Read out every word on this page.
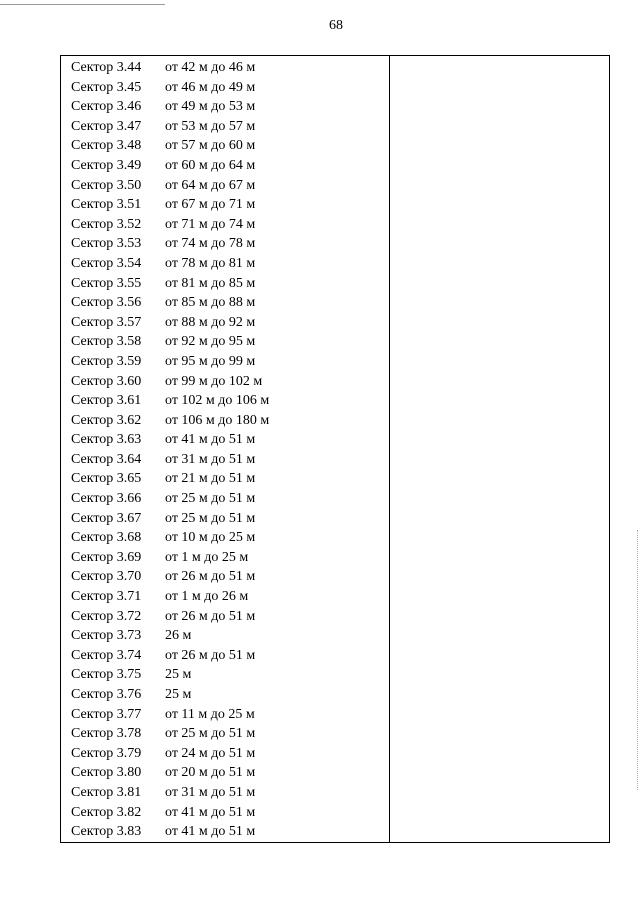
68
Сектор 3.44 от 42 м до 46 м
Сектор 3.45 от 46 м до 49 м
Сектор 3.46 от 49 м до 53 м
Сектор 3.47 от 53 м до 57 м
Сектор 3.48 от 57 м до 60 м
Сектор 3.49 от 60 м до 64 м
Сектор 3.50 от 64 м до 67 м
Сектор 3.51 от 67 м до 71 м
Сектор 3.52 от 71 м до 74 м
Сектор 3.53 от 74 м до 78 м
Сектор 3.54 от 78 м до 81 м
Сектор 3.55 от 81 м до 85 м
Сектор 3.56 от 85 м до 88 м
Сектор 3.57 от 88 м до 92 м
Сектор 3.58 от 92 м до 95 м
Сектор 3.59 от 95 м до 99 м
Сектор 3.60 от 99 м до 102 м
Сектор 3.61 от 102 м до 106 м
Сектор 3.62 от 106 м до 180 м
Сектор 3.63 от 41 м до 51 м
Сектор 3.64 от 31 м до 51 м
Сектор 3.65 от 21 м до 51 м
Сектор 3.66 от 25 м до 51 м
Сектор 3.67 от 25 м до 51 м
Сектор 3.68 от 10 м до 25 м
Сектор 3.69 от 1 м до 25 м
Сектор 3.70 от 26 м до 51 м
Сектор 3.71 от 1 м до 26 м
Сектор 3.72 от 26 м до 51 м
Сектор 3.73 26 м
Сектор 3.74 от 26 м до 51 м
Сектор 3.75 25 м
Сектор 3.76 25 м
Сектор 3.77 от 11 м до 25 м
Сектор 3.78 от 25 м до 51 м
Сектор 3.79 от 24 м до 51 м
Сектор 3.80 от 20 м до 51 м
Сектор 3.81 от 31 м до 51 м
Сектор 3.82 от 41 м до 51 м
Сектор 3.83 от 41 м до 51 м
